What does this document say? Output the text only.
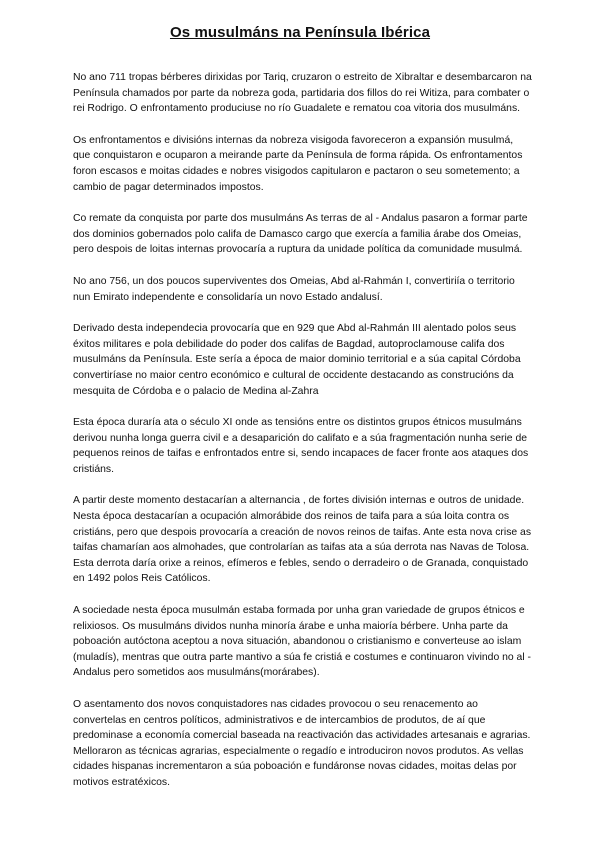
Os musulmáns na Península Ibérica

No ano 711 tropas bérberes dirixidas por Tariq, cruzaron o estreito de Xibraltar e desembarcaron na Península chamados por parte da nobreza goda, partidaria dos fillos do rei Witiza, para combater o rei Rodrigo. O enfrontamento produciuse no río Guadalete e rematou coa vitoria dos musulmáns.

Os enfrontamentos e divisións internas da nobreza visigoda favoreceron a expansión musulmá, que conquistaron e ocuparon a meirande parte da Península de forma rápida. Os enfrontamentos foron escasos e moitas cidades e nobres visigodos capitularon e pactaron o seu sometemento; a cambio de pagar determinados impostos.

Co remate da conquista por parte dos musulmáns As terras de al - Andalus pasaron a formar parte dos dominios gobernados polo califa de Damasco cargo que exercía a familia árabe dos Omeias, pero despois de loitas internas provocaría a ruptura da unidade política da comunidade musulmá.

No ano 756, un dos poucos superviventes dos Omeias, Abd al-Rahmán I, convertiriía o territorio nun Emirato independente e consolidaría un novo Estado andalusí.

Derivado desta independecia provocaría que en 929 que Abd al-Rahmán III alentado polos seus éxitos militares e pola debilidade do poder dos califas de Bagdad, autoproclamouse califa dos musulmáns da Península. Este sería a época de maior dominio territorial e a súa capital Córdoba convertiríase no maior centro económico e cultural de occidente destacando as construcións da mesquita de Córdoba e o palacio de Medina al-Zahra

Esta época duraría ata o século XI onde as tensións entre os distintos grupos étnicos musulmáns derivou nunha longa guerra civil e a desaparición do califato e a súa fragmentación nunha serie de pequenos reinos de taifas e enfrontados entre si, sendo incapaces de facer fronte aos ataques dos cristiáns.

A partir deste momento destacarían a alternancia , de fortes división internas e outros de unidade. Nesta época destacarían a ocupación almorábide dos reinos de taifa para a súa loita contra os cristiáns, pero que despois provocaría a creación de novos reinos de taifas. Ante esta nova crise as taifas chamarían aos almohades, que controlarían as taifas ata a súa derrota nas Navas de Tolosa. Esta derrota daría orixe a reinos, efímeros e febles, sendo o derradeiro o de Granada, conquistado en 1492 polos Reis Católicos.

A sociedade nesta época musulmán estaba formada por unha gran variedade de grupos étnicos e relixiosos. Os musulmáns dividos nunha minoría árabe e unha maioría bérbere. Unha parte da poboación autóctona aceptou a nova situación, abandonou o cristianismo e converteuse ao islam (muladís), mentras que outra parte mantivo a súa fe cristiá e costumes e continuaron vivindo no al - Andalus pero sometidos aos musulmáns(morárabes).

O asentamento dos novos conquistadores nas cidades provocou o seu renacemento ao convertelas en centros políticos, administrativos e de intercambios de produtos, de aí que predominase a economía comercial baseada na reactivación das actividades artesanais e agrarias. Melloraron as técnicas agrarias, especialmente o regadío e introduciron novos produtos. As vellas cidades hispanas incrementaron a súa poboación e fundáronse novas cidades, moitas delas por motivos estratéxicos.
